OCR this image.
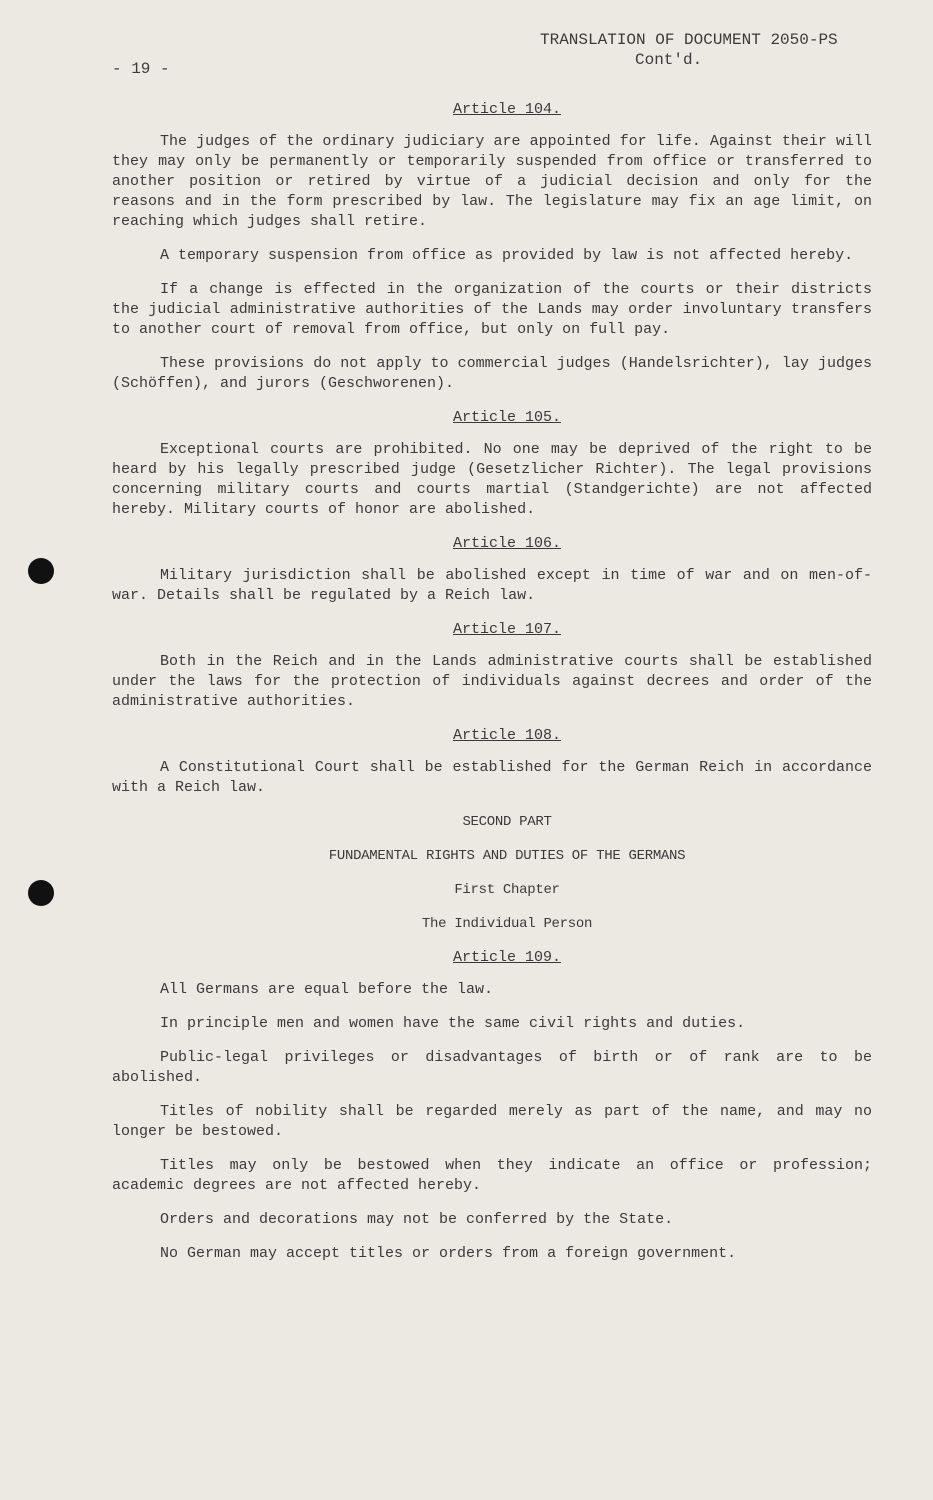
TRANSLATION OF DOCUMENT 2050-PS
Cont'd.
- 19 -
Article 104.

The judges of the ordinary judiciary are appointed for life. Against their will they may only be permanently or temporarily suspended from office or transferred to another position or retired by virtue of a judicial decision and only for the reasons and in the form prescribed by law. The legislature may fix an age limit, on reaching which judges shall retire.

A temporary suspension from office as provided by law is not affected hereby.

If a change is effected in the organization of the courts or their districts the judicial administrative authorities of the Lands may order involuntary transfers to another court of removal from office, but only on full pay.

These provisions do not apply to commercial judges (Handelsrichter), lay judges (Schöffen), and jurors (Geschworenen).

Article 105.

Exceptional courts are prohibited. No one may be deprived of the right to be heard by his legally prescribed judge (Gesetzlicher Richter). The legal provisions concerning military courts and courts martial (Standgerichte) are not affected hereby. Military courts of honor are abolished.

Article 106.

Military jurisdiction shall be abolished except in time of war and on men-of-war. Details shall be regulated by a Reich law.

Article 107.

Both in the Reich and in the Lands administrative courts shall be established under the laws for the protection of individuals against decrees and order of the administrative authorities.

Article 108.

A Constitutional Court shall be established for the German Reich in accordance with a Reich law.

SECOND PART
FUNDAMENTAL RIGHTS AND DUTIES OF THE GERMANS
First Chapter
The Individual Person
Article 109.

All Germans are equal before the law.

In principle men and women have the same civil rights and duties.

Public-legal privileges or disadvantages of birth or of rank are to be abolished.

Titles of nobility shall be regarded merely as part of the name, and may no longer be bestowed.

Titles may only be bestowed when they indicate an office or profession; academic degrees are not affected hereby.

Orders and decorations may not be conferred by the State.

No German may accept titles or orders from a foreign government.
